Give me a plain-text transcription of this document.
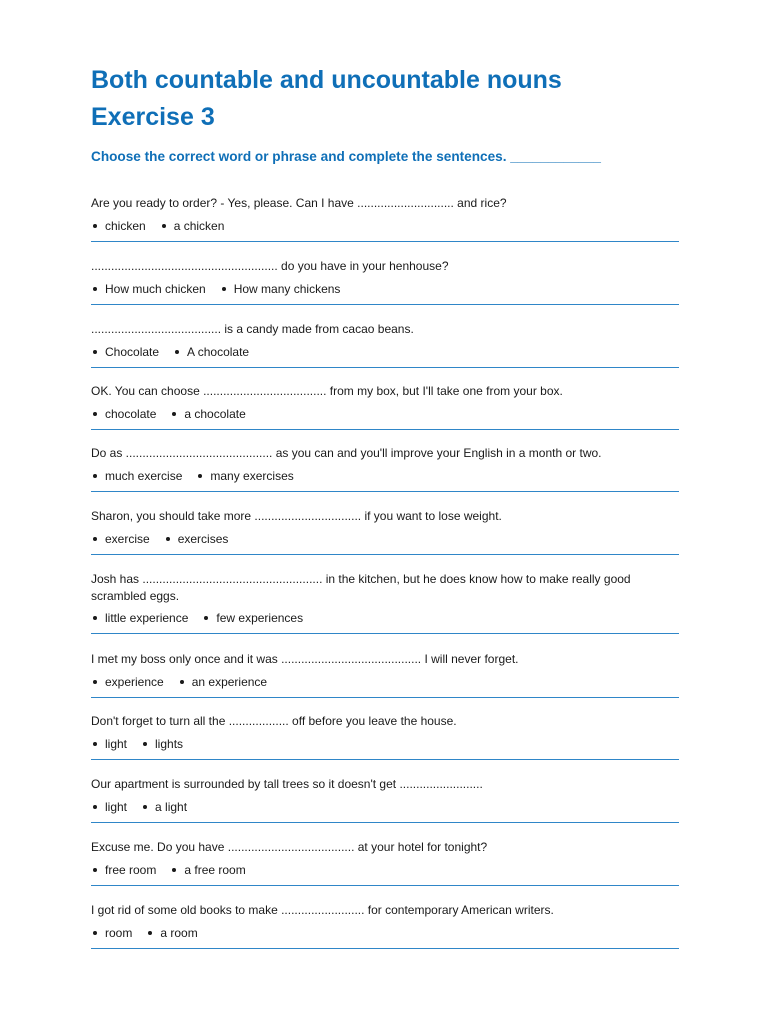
Both countable and uncountable nouns
Exercise 3

Choose the correct word or phrase and complete the sentences. ____________

Are you ready to order? - Yes, please. Can I have ............................. and rice?

chicken a chicken

........................................................ do you have in your henhouse?

How much chicken How many chickens

....................................... is a candy made from cacao beans.

Chocolate A chocolate

OK. You can choose ..................................... from my box, but I'll take one from your box.

chocolate a chocolate

Do as ............................................ as you can and you'll improve your English in a month or two.

much exercise many exercises

Sharon, you should take more ................................ if you want to lose weight.

exercise exercises

Josh has ...................................................... in the kitchen, but he does know how to make really good scrambled eggs.

little experience few experiences

I met my boss only once and it was .......................................... I will never forget.

experience an experience

Don't forget to turn all the .................. off before you leave the house.

light lights

Our apartment is surrounded by tall trees so it doesn't get .........................

light a light

Excuse me. Do you have ...................................... at your hotel for tonight?

free room a free room

I got rid of some old books to make ......................... for contemporary American writers.

room a room
